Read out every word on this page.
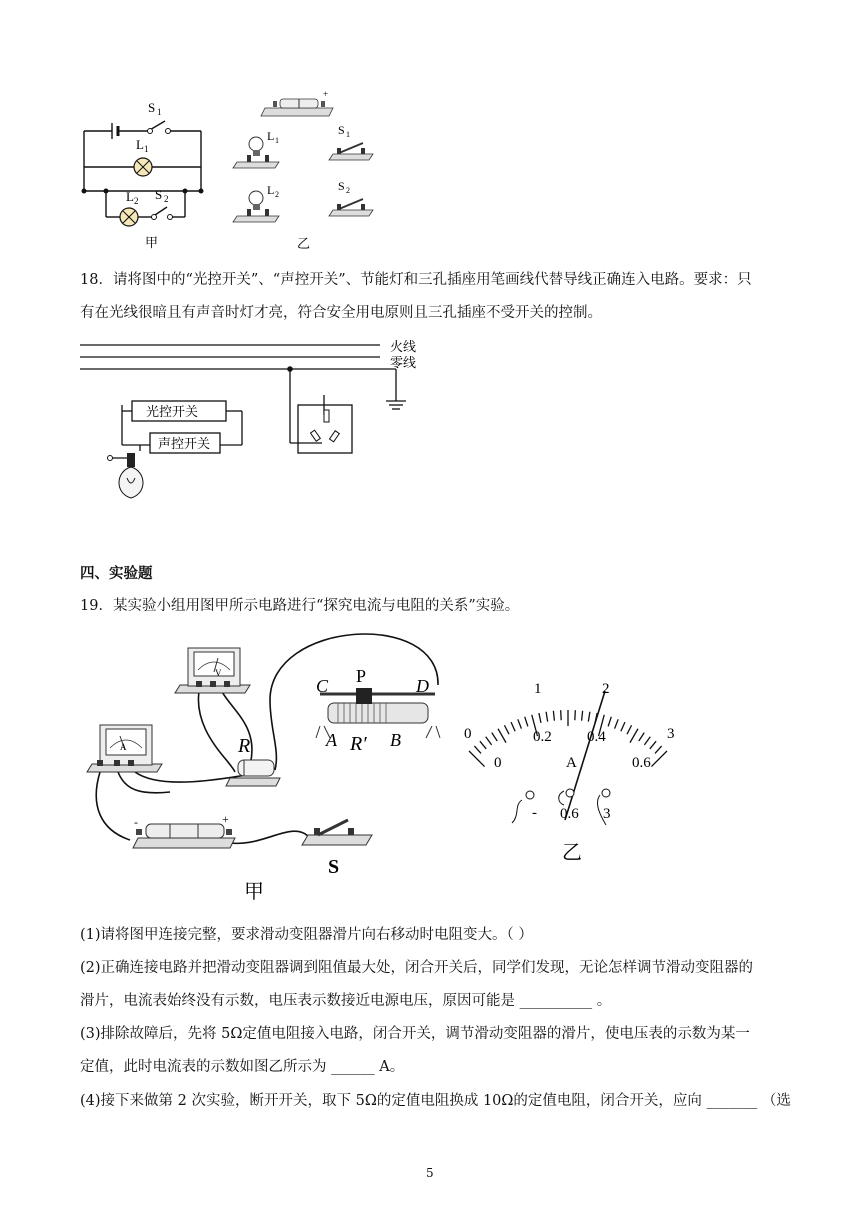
S 1
L 1
L 2 S 2
甲
+
L 1
S 1
L 2
S 2
乙
18．请将图中的“光控开关”、“声控开关”、节能灯和三孔插座用笔画线代替导线正确连入电路。要求：只
有在光线很暗且有声音时灯才亮，符合安全用电原则且三孔插座不受开关的控制。
光控开关
声控开关
火线
零线
四、实验题
19．某实验小组用图甲所示电路进行“探究电流与电阻的关系”实验。
V
A	R
C P	D
A R′ B
-	+
S
甲
0
1	2
3
0
0.2 0.4
0.6
A
- 0.6 3
乙
(1)请将图甲连接完整，要求滑动变阻器滑片向右移动时电阻变大。（ ）
(2)正确连接电路并把滑动变阻器调到阻值最大处，闭合开关后，同学们发现，无论怎样调节滑动变阻器的
滑片，电流表始终没有示数，电压表示数接近电源电压，原因可能是 __________ 。
(3)排除故障后，先将 5Ω定值电阻接入电路，闭合开关，调节滑动变阻器的滑片，使电压表的示数为某一
定值，此时电流表的示数如图乙所示为 ______ A。
(4)接下来做第 2 次实验，断开开关，取下 5Ω的定值电阻换成 10Ω的定值电阻，闭合开关，应向 _______ （选
5
